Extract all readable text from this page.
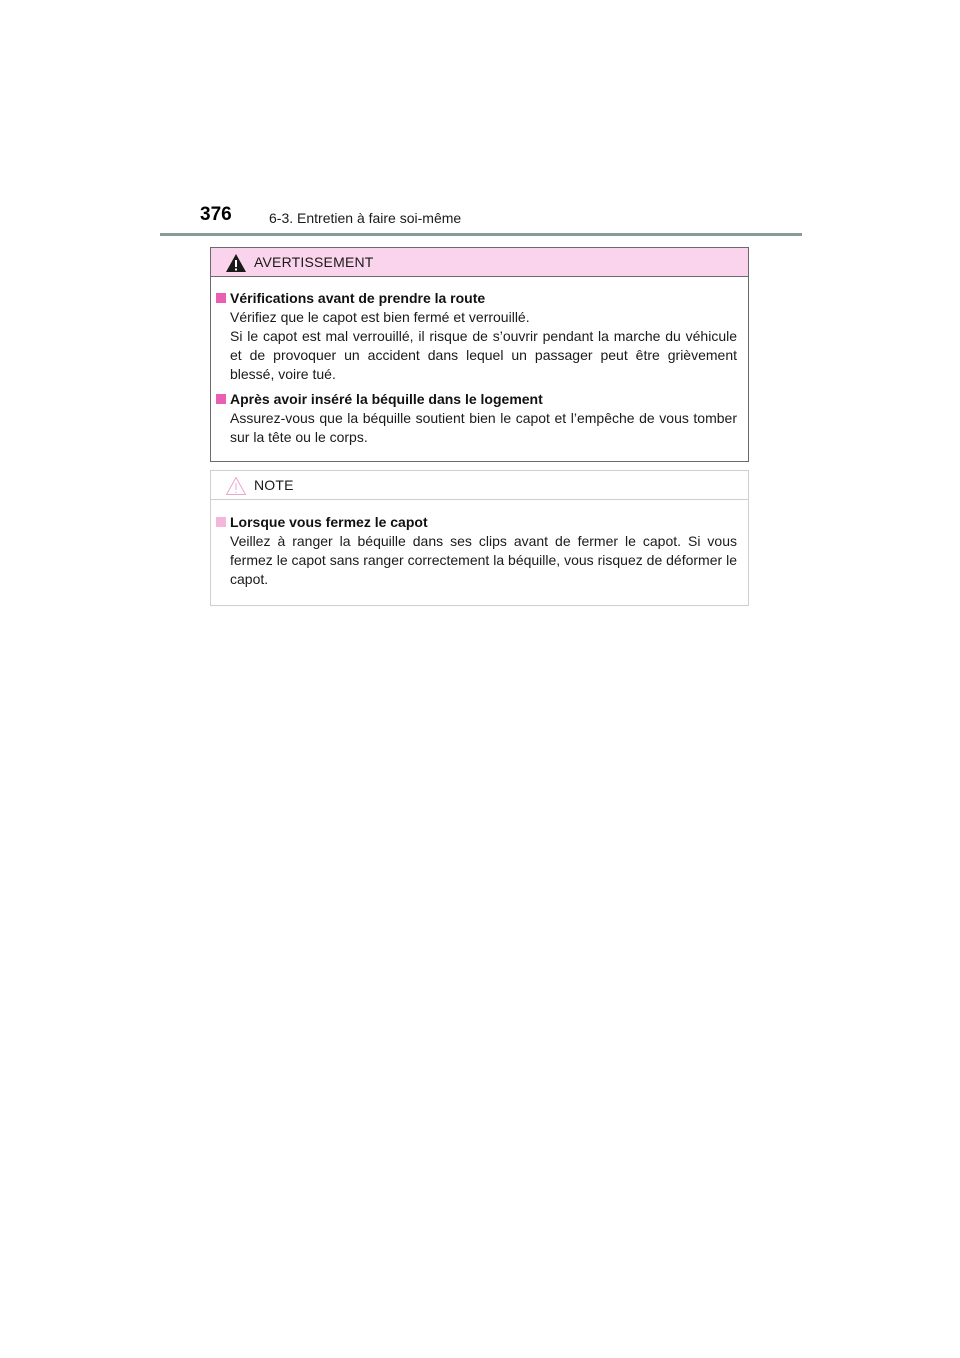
376	6-3. Entretien à faire soi-même
AVERTISSEMENT
Vérifications avant de prendre la route

Vérifiez que le capot est bien fermé et verrouillé.

Si le capot est mal verrouillé, il risque de s’ouvrir pendant la marche du véhicule et de provoquer un accident dans lequel un passager peut être grièvement blessé, voire tué.

Après avoir inséré la béquille dans le logement

Assurez-vous que la béquille soutient bien le capot et l’empêche de vous tomber sur la tête ou le corps.

NOTE
Lorsque vous fermez le capot

Veillez à ranger la béquille dans ses clips avant de fermer le capot. Si vous fermez le capot sans ranger correctement la béquille, vous risquez de déformer le capot.
